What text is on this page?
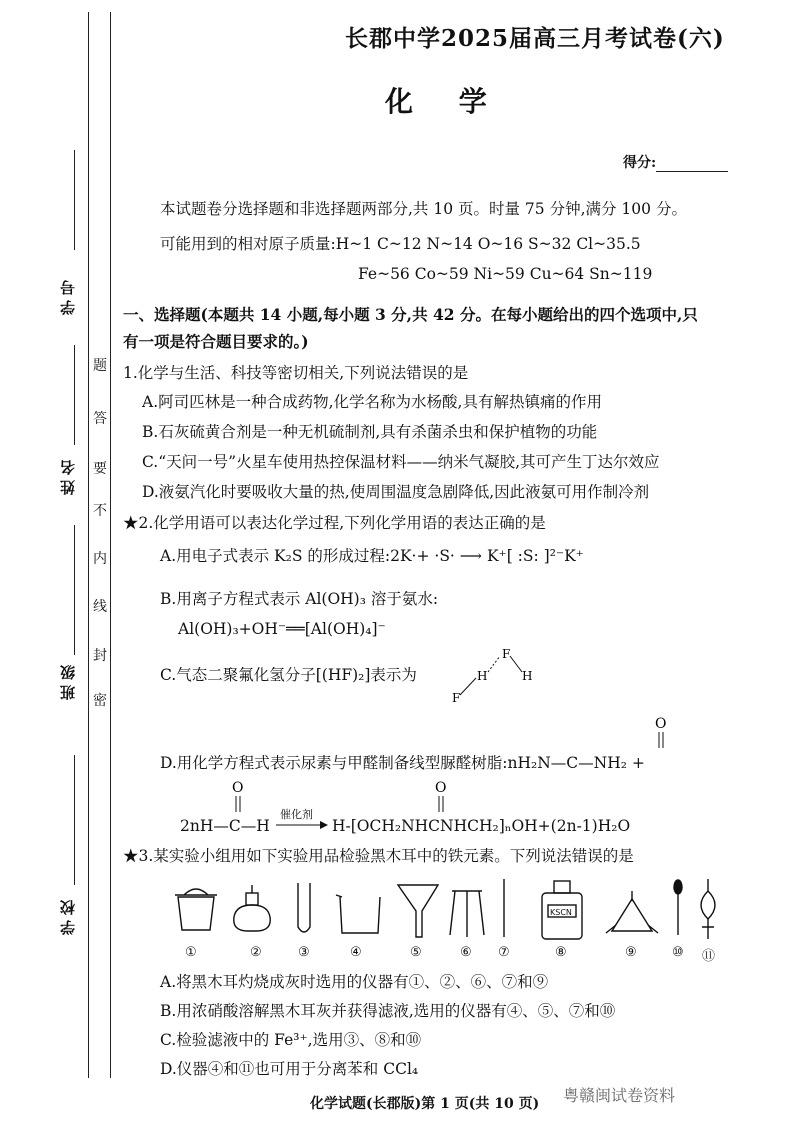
学 号
姓 名
班 级
学 校
题
答
要
不
内
线
封
密
长郡中学2025届高三月考试卷(六)
化 学
得分:
本试题卷分选择题和非选择题两部分,共 10 页。时量 75 分钟,满分 100 分。
可能用到的相对原子质量:H~1 C~12 N~14 O~16 S~32 Cl~35.5
Fe~56 Co~59 Ni~59 Cu~64 Sn~119
一、选择题(本题共 14 小题,每小题 3 分,共 42 分。在每小题给出的四个选项中,只
有一项是符合题目要求的。)
1.化学与生活、科技等密切相关,下列说法错误的是
A.阿司匹林是一种合成药物,化学名称为水杨酸,具有解热镇痛的作用
B.石灰硫黄合剂是一种无机硫制剂,具有杀菌杀虫和保护植物的功能
C.“天问一号”火星车使用热控保温材料——纳米气凝胶,其可产生丁达尔效应
D.液氨汽化时要吸收大量的热,使周围温度急剧降低,因此液氨可用作制冷剂
★2.化学用语可以表达化学过程,下列化学用语的表达正确的是
A.用电子式表示 K₂S 的形成过程:2K·+ ·S· ⟶ K⁺[ :S: ]²⁻K⁺
B.用离子方程式表示 Al(OH)₃ 溶于氨水:
Al(OH)₃+OH⁻══[Al(OH)₄]⁻
C.气态二聚氟化氢分子[(HF)₂]表示为
F
H
F
H
D.用化学方程式表示尿素与甲醛制备线型脲醛树脂:nH₂N—C—NH₂ +
O
O
2nH—C—H
催化剂
O
H-[OCH₂NHCNHCH₂]ₙOH+(2n-1)H₂O
★3.某实验小组用如下实验用品检验黑木耳中的铁元素。下列说法错误的是
KSCN
①	②	③	④	⑤	⑥ ⑦	⑧	⑨	⑩ ⑪
A.将黑木耳灼烧成灰时选用的仪器有①、②、⑥、⑦和⑨
B.用浓硝酸溶解黑木耳灰并获得滤液,选用的仪器有④、⑤、⑦和⑩
C.检验滤液中的 Fe³⁺,选用③、⑧和⑩
D.仪器④和⑪也可用于分离苯和 CCl₄
化学试题(长郡版)第 1 页(共 10 页) 粤赣闽试卷资料
